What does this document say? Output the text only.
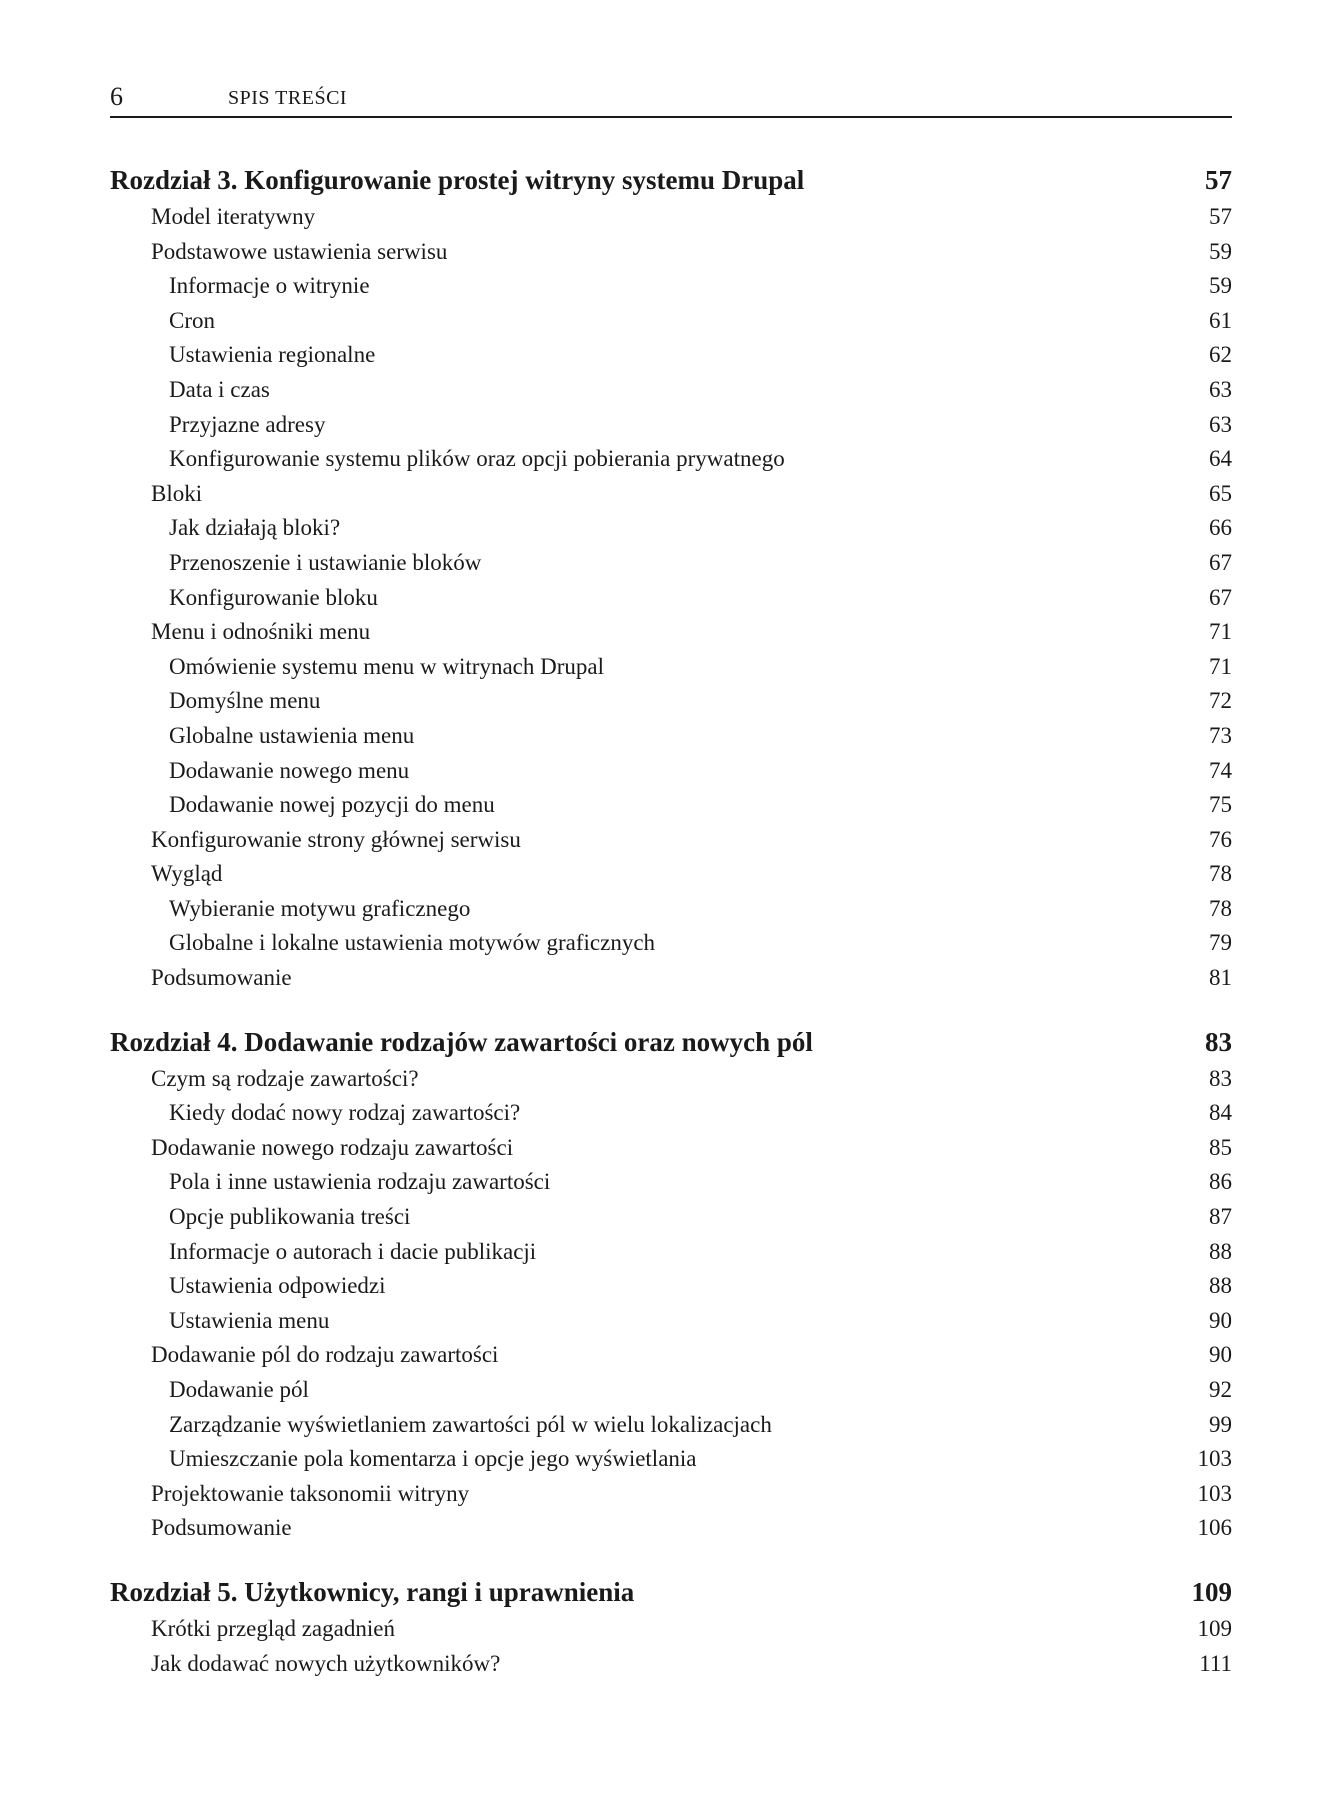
6	SPIS TREŚCI
Rozdział 3. Konfigurowanie prostej witryny systemu Drupal	57
Model iteratywny	57
Podstawowe ustawienia serwisu	59
Informacje o witrynie	59
Cron	61
Ustawienia regionalne	62
Data i czas	63
Przyjazne adresy	63
Konfigurowanie systemu plików oraz opcji pobierania prywatnego	64
Bloki	65
Jak działają bloki?	66
Przenoszenie i ustawianie bloków	67
Konfigurowanie bloku	67
Menu i odnośniki menu	71
Omówienie systemu menu w witrynach Drupal	71
Domyślne menu	72
Globalne ustawienia menu	73
Dodawanie nowego menu	74
Dodawanie nowej pozycji do menu	75
Konfigurowanie strony głównej serwisu	76
Wygląd	78
Wybieranie motywu graficznego	78
Globalne i lokalne ustawienia motywów graficznych	79
Podsumowanie	81
Rozdział 4. Dodawanie rodzajów zawartości oraz nowych pól	83
Czym są rodzaje zawartości?	83
Kiedy dodać nowy rodzaj zawartości?	84
Dodawanie nowego rodzaju zawartości	85
Pola i inne ustawienia rodzaju zawartości	86
Opcje publikowania treści	87
Informacje o autorach i dacie publikacji	88
Ustawienia odpowiedzi	88
Ustawienia menu	90
Dodawanie pól do rodzaju zawartości	90
Dodawanie pól	92
Zarządzanie wyświetlaniem zawartości pól w wielu lokalizacjach	99
Umieszczanie pola komentarza i opcje jego wyświetlania	103
Projektowanie taksonomii witryny	103
Podsumowanie	106
Rozdział 5. Użytkownicy, rangi i uprawnienia	109
Krótki przegląd zagadnień	109
Jak dodawać nowych użytkowników?	111
